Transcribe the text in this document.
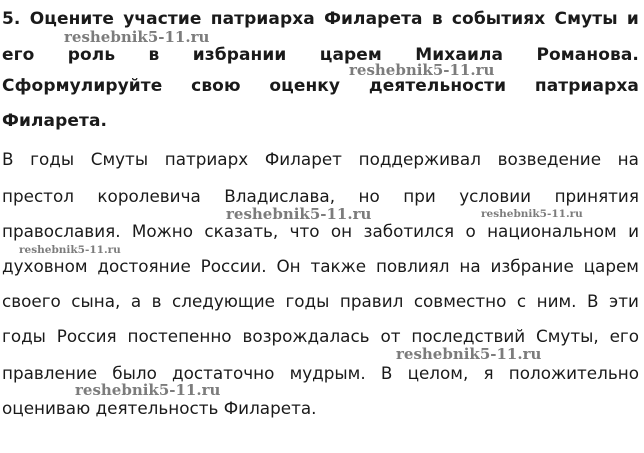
5. Оцените участие патриарха Филарета в событиях Смуты и
его роль в избрании царем Михаила Романова.
Сформулируйте свою оценку деятельности патриарха
Филарета.
В годы Смуты патриарх Филарет поддерживал возведение на
престол королевича Владислава, но при условии принятия
православия. Можно сказать, что он заботился о национальном и
духовном достояние России. Он также повлиял на избрание царем
своего сына, а в следующие годы правил совместно с ним. В эти
годы Россия постепенно возрождалась от последствий Смуты, его
правление было достаточно мудрым. В целом, я положительно
оцениваю деятельность Филарета.
reshebnik5-11.ru
reshebnik5-11.ru
reshebnik5-11.ru	reshebnik5-11.ru
reshebnik5-11.ru
reshebnik5-11.ru
reshebnik5-11.ru
